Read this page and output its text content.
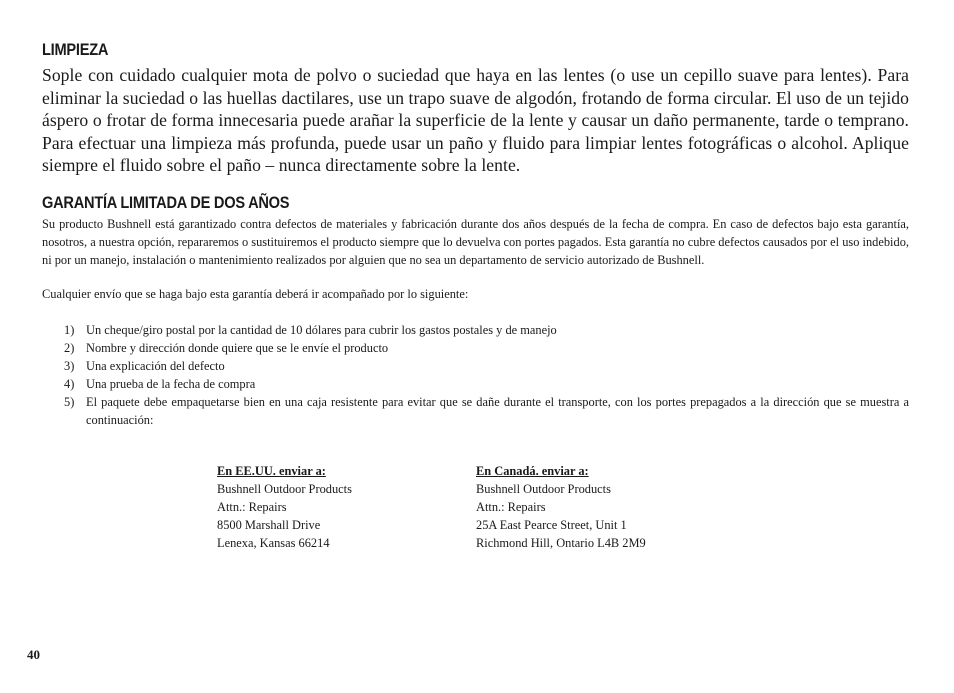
LIMPIEZA

Sople con cuidado cualquier mota de polvo o suciedad que haya en las lentes (o use un cepillo suave para lentes). Para eliminar la suciedad o las huellas dactilares, use un trapo suave de algodón, frotando de forma circular. El uso de un tejido áspero o frotar de forma innecesaria puede arañar la superficie de la lente y causar un daño permanente, tarde o temprano. Para efectuar una limpieza más profunda, puede usar un paño y fluido para limpiar lentes fotográficas o alcohol. Aplique siempre el fluido sobre el paño – nunca directamente sobre la lente.

GARANTÍA LIMITADA DE DOS AÑOS

Su producto Bushnell está garantizado contra defectos de materiales y fabricación durante dos años después de la fecha de compra. En caso de defectos bajo esta garantía, nosotros, a nuestra opción, repararemos o sustituiremos el producto siempre que lo devuelva con portes pagados. Esta garantía no cubre defectos causados por el uso indebido, ni por un manejo, instalación o mantenimiento realizados por alguien que no sea un departamento de servicio autorizado de Bushnell.

Cualquier envío que se haga bajo esta garantía deberá ir acompañado por lo siguiente:

1) Un cheque/giro postal por la cantidad de 10 dólares para cubrir los gastos postales y de manejo
2) Nombre y dirección donde quiere que se le envíe el producto
3) Una explicación del defecto
4) Una prueba de la fecha de compra
5) El paquete debe empaquetarse bien en una caja resistente para evitar que se dañe durante el transporte, con los portes prepagados a la dirección que se muestra a continuación:
En EE.UU. enviar a:
Bushnell Outdoor Products
Attn.: Repairs
8500 Marshall Drive
Lenexa, Kansas 66214
En Canadá. enviar a:
Bushnell Outdoor Products
Attn.: Repairs
25A East Pearce Street, Unit 1
Richmond Hill, Ontario L4B 2M9
40
